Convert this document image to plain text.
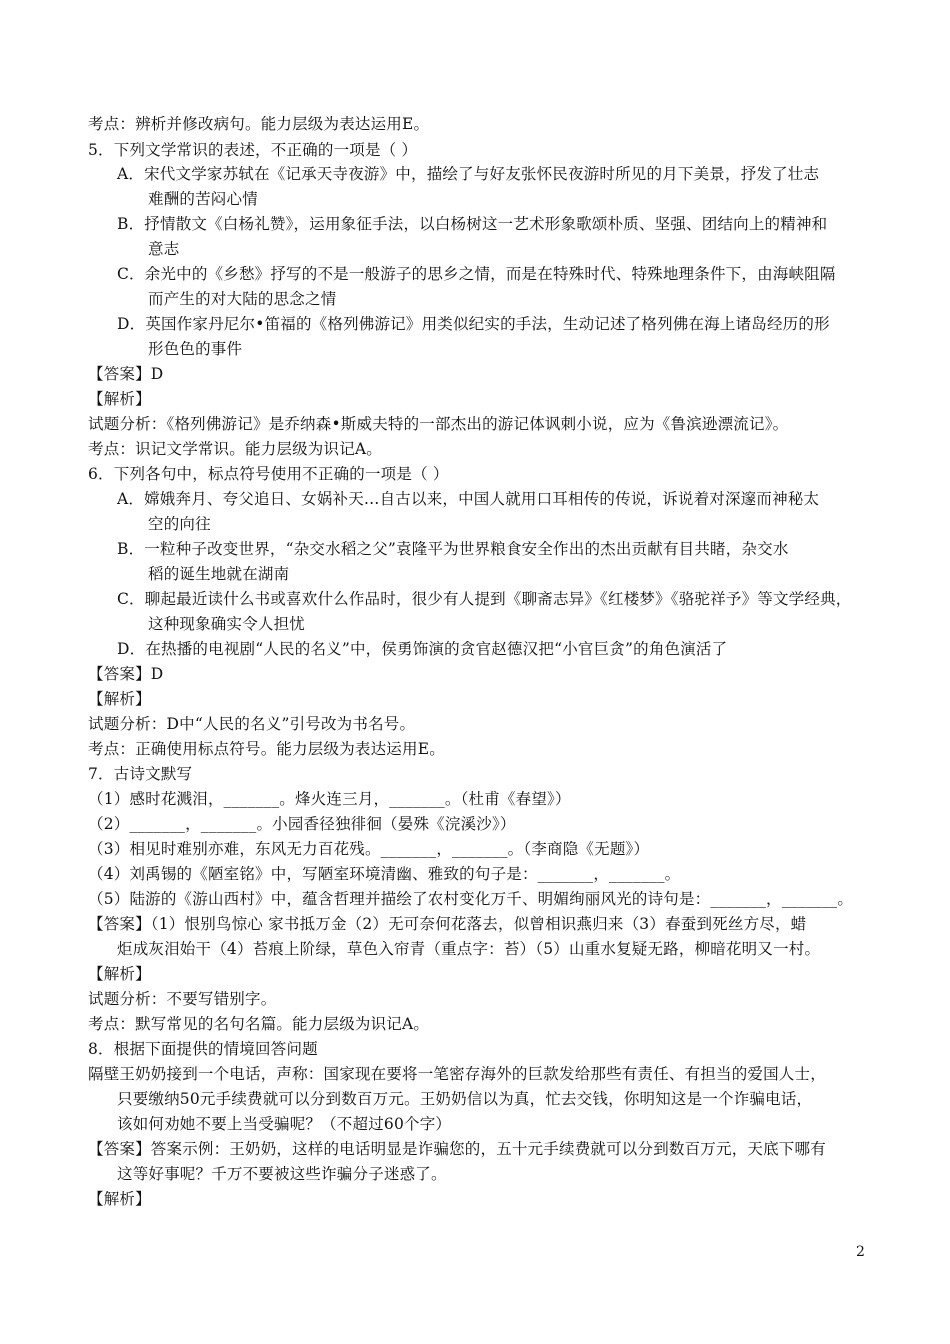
考点：辨析并修改病句。能力层级为表达运用E。
5．下列文学常识的表述，不正确的一项是（ ）
A．宋代文学家苏轼在《记承天寺夜游》中，描绘了与好友张怀民夜游时所见的月下美景，抒发了壮志
难酬的苦闷心情
B．抒情散文《白杨礼赞》，运用象征手法，以白杨树这一艺术形象歌颂朴质、坚强、团结向上的精神和
意志
C．余光中的《乡愁》抒写的不是一般游子的思乡之情，而是在特殊时代、特殊地理条件下，由海峡阻隔
而产生的对大陆的思念之情
D．英国作家丹尼尔•笛福的《格列佛游记》用类似纪实的手法，生动记述了格列佛在海上诸岛经历的形
形色色的事件
【答案】D
【解析】
试题分析：《格列佛游记》是乔纳森•斯威夫特的一部杰出的游记体讽刺小说，应为《鲁滨逊漂流记》。
考点：识记文学常识。能力层级为识记A。
6．下列各句中，标点符号使用不正确的一项是（ ）
A．嫦娥奔月、夸父追日、女娲补天…自古以来，中国人就用口耳相传的传说，诉说着对深邃而神秘太
空的向往
B．一粒种子改变世界，“杂交水稻之父”袁隆平为世界粮食安全作出的杰出贡献有目共睹，杂交水
稻的诞生地就在湖南
C．聊起最近读什么书或喜欢什么作品时，很少有人提到《聊斋志异》《红楼梦》《骆驼祥予》等文学经典，
这种现象确实令人担忧
D．在热播的电视剧“人民的名义”中，侯勇饰演的贪官赵德汉把“小官巨贪”的角色演活了
【答案】D
【解析】
试题分析：D中“人民的名义”引号改为书名号。
考点：正确使用标点符号。能力层级为表达运用E。
7．古诗文默写
（1）感时花溅泪，_______。烽火连三月，_______。（杜甫《春望》）
（2）_______，_______。小园香径独徘徊（晏殊《浣溪沙》）
（3）相见时难别亦难，东风无力百花残。_______，_______。（李商隐《无题》）
（4）刘禹锡的《陋室铭》中，写陋室环境清幽、雅致的句子是：_______，_______。
（5）陆游的《游山西村》中，蕴含哲理并描绘了农村变化万千、明媚绚丽风光的诗句是：_______，_______。
【答案】（1）恨别鸟惊心 家书抵万金（2）无可奈何花落去，似曾相识燕归来（3）春蚕到死丝方尽，蜡
炬成灰泪始干（4）苔痕上阶绿，草色入帘青（重点字：苔）（5）山重水复疑无路，柳暗花明又一村。
【解析】
试题分析：不要写错别字。
考点：默写常见的名句名篇。能力层级为识记A。
8．根据下面提供的情境回答问题
隔壁王奶奶接到一个电话，声称：国家现在要将一笔密存海外的巨款发给那些有责任、有担当的爱国人士，
只要缴纳50元手续费就可以分到数百万元。王奶奶信以为真，忙去交钱，你明知这是一个诈骗电话，
该如何劝她不要上当受骗呢？（不超过60个字）
【答案】答案示例：王奶奶，这样的电话明显是诈骗您的，五十元手续费就可以分到数百万元，天底下哪有
这等好事呢？千万不要被这些诈骗分子迷惑了。
【解析】
2
